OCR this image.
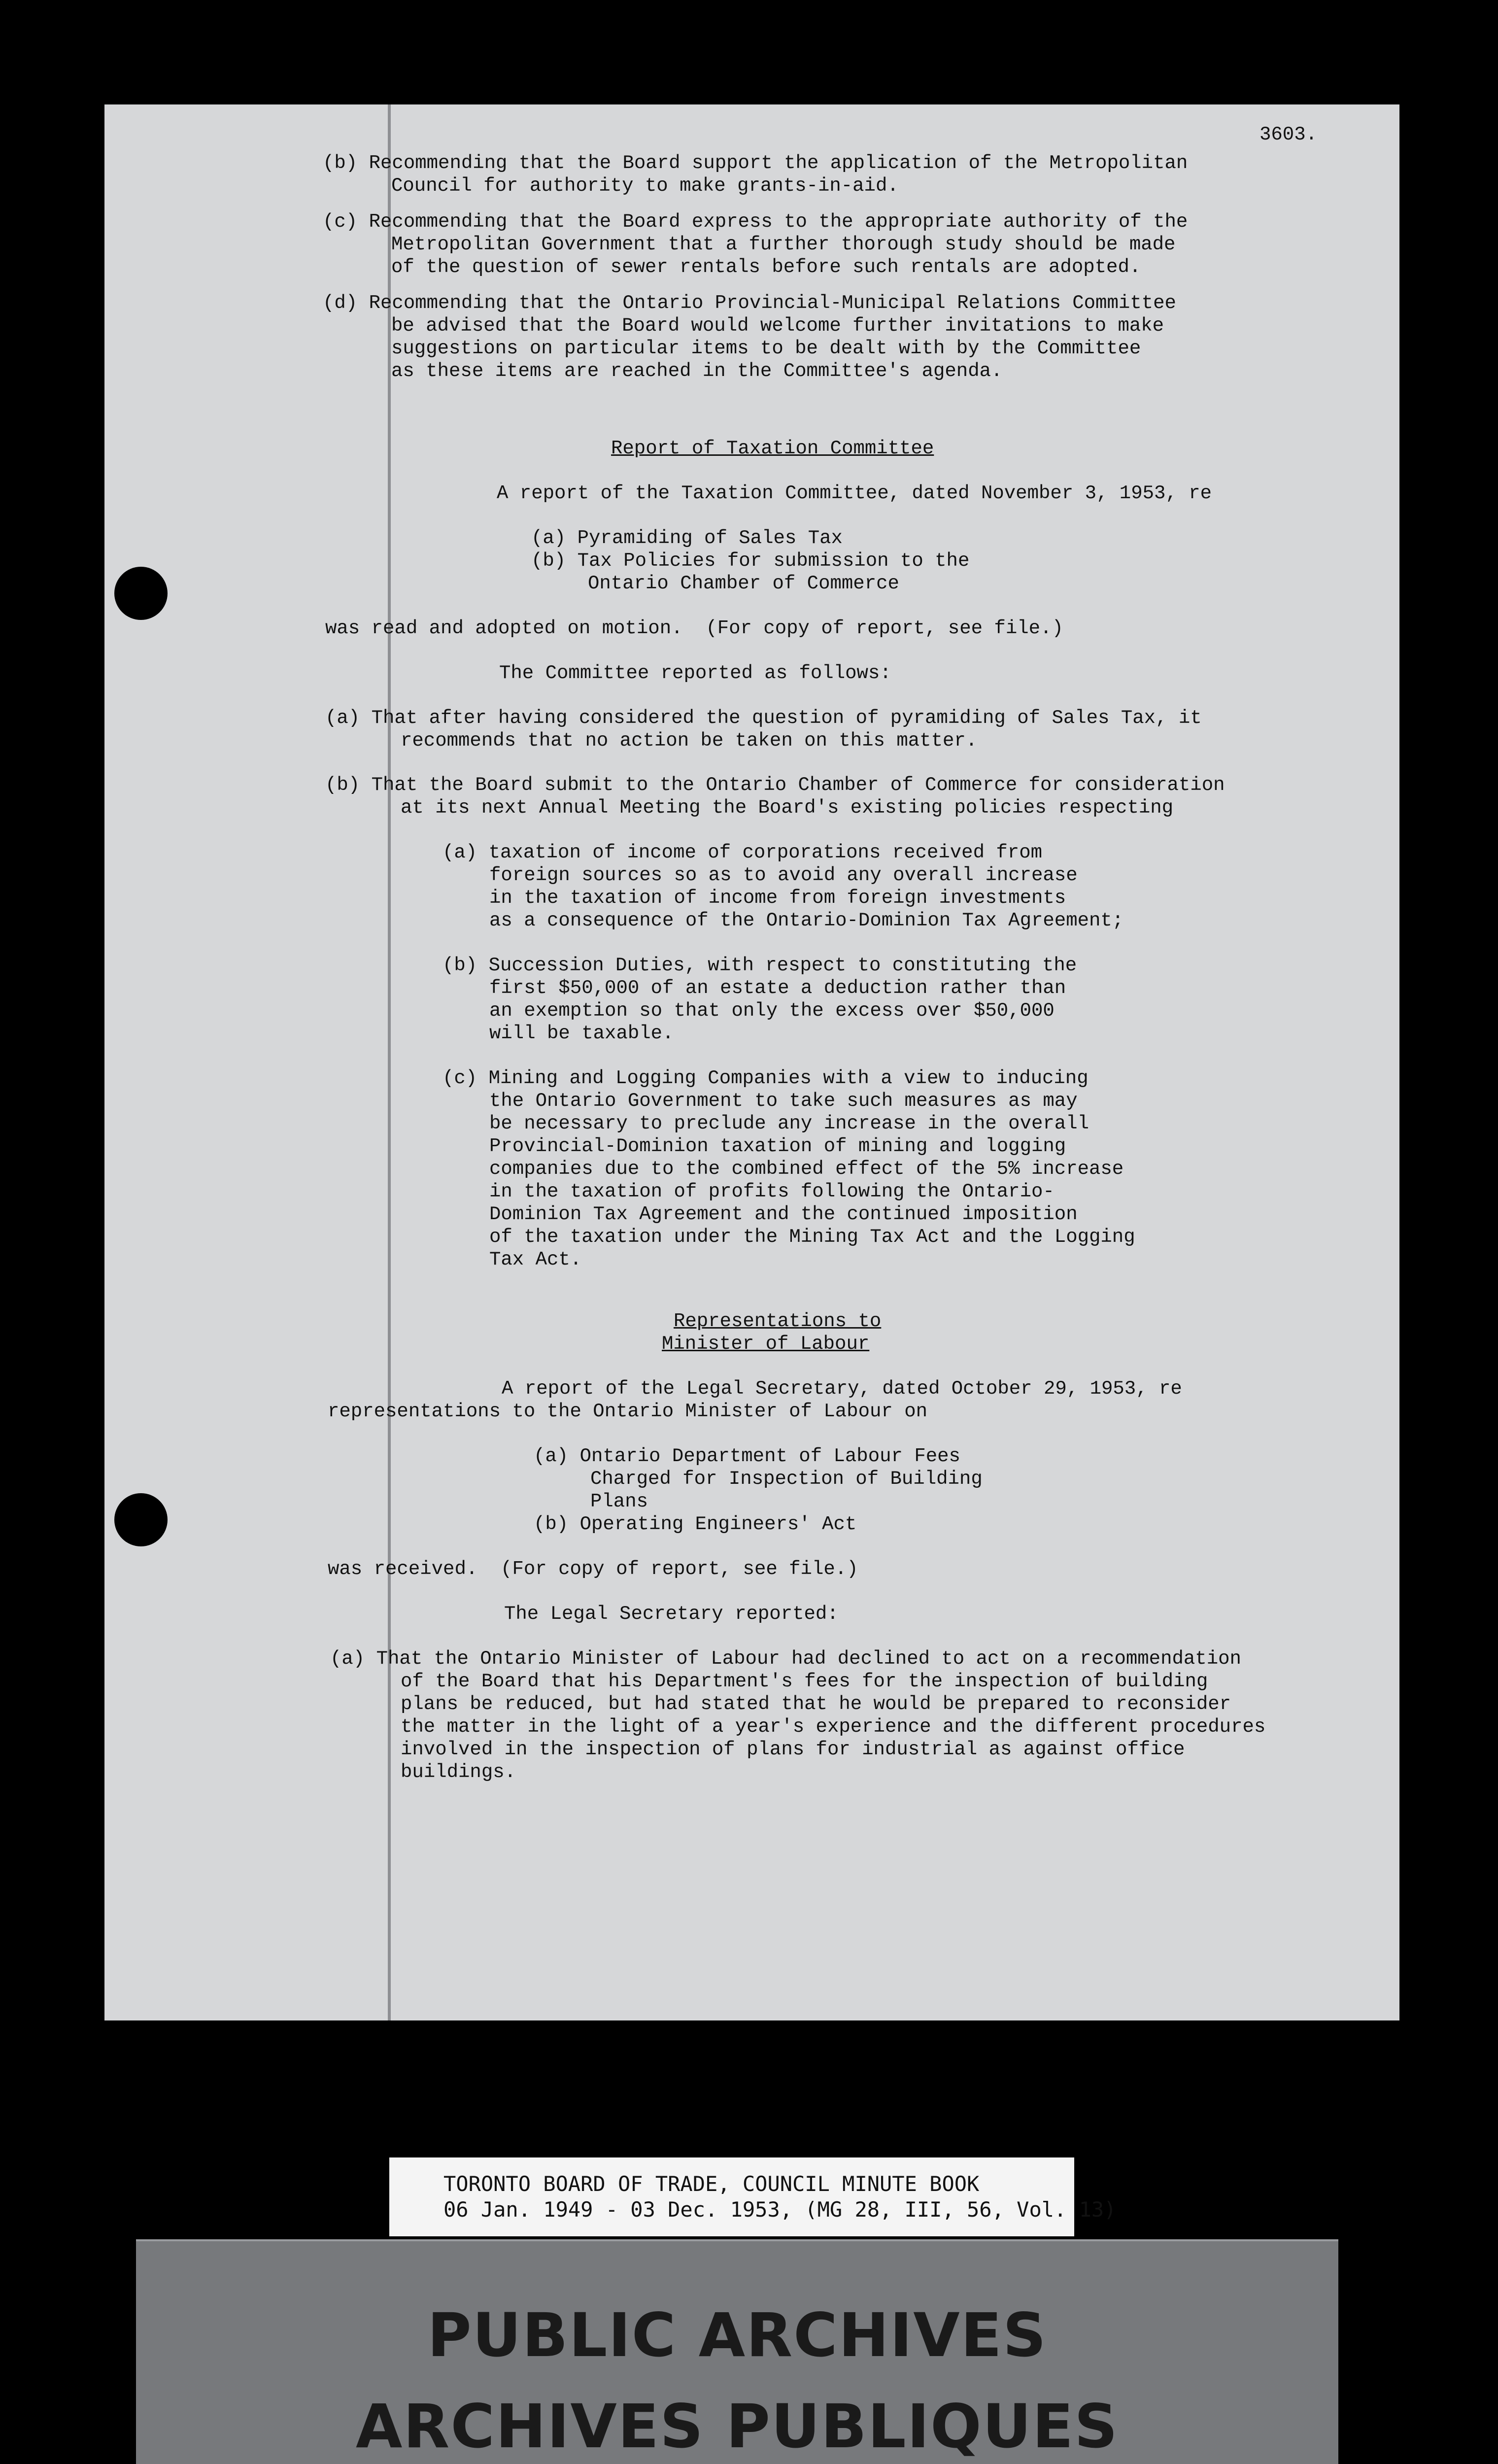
3603.
(b) Recommending that the Board support the application of the Metropolitan
Council for authority to make grants-in-aid.
(c) Recommending that the Board express to the appropriate authority of the
Metropolitan Government that a further thorough study should be made
of the question of sewer rentals before such rentals are adopted.
(d) Recommending that the Ontario Provincial-Municipal Relations Committee
be advised that the Board would welcome further invitations to make
suggestions on particular items to be dealt with by the Committee
as these items are reached in the Committee's agenda.
Report of Taxation Committee
A report of the Taxation Committee, dated November 3, 1953, re
(a) Pyramiding of Sales Tax
(b) Tax Policies for submission to the
Ontario Chamber of Commerce
was read and adopted on motion.  (For copy of report, see file.)
The Committee reported as follows:
(a) That after having considered the question of pyramiding of Sales Tax, it
recommends that no action be taken on this matter.
(b) That the Board submit to the Ontario Chamber of Commerce for consideration
at its next Annual Meeting the Board's existing policies respecting
(a) taxation of income of corporations received from
foreign sources so as to avoid any overall increase
in the taxation of income from foreign investments
as a consequence of the Ontario-Dominion Tax Agreement;
(b) Succession Duties, with respect to constituting the
first $50,000 of an estate a deduction rather than
an exemption so that only the excess over $50,000
will be taxable.
(c) Mining and Logging Companies with a view to inducing
the Ontario Government to take such measures as may
be necessary to preclude any increase in the overall
Provincial-Dominion taxation of mining and logging
companies due to the combined effect of the 5% increase
in the taxation of profits following the Ontario-
Dominion Tax Agreement and the continued imposition
of the taxation under the Mining Tax Act and the Logging
Tax Act.
Representations to
Minister of Labour
A report of the Legal Secretary, dated October 29, 1953, re
representations to the Ontario Minister of Labour on
(a) Ontario Department of Labour Fees
Charged for Inspection of Building
Plans
(b) Operating Engineers' Act
was received.  (For copy of report, see file.)
The Legal Secretary reported:
(a) That the Ontario Minister of Labour had declined to act on a recommendation
of the Board that his Department's fees for the inspection of building
plans be reduced, but had stated that he would be prepared to reconsider
the matter in the light of a year's experience and the different procedures
involved in the inspection of plans for industrial as against office
buildings.
TORONTO BOARD OF TRADE, COUNCIL MINUTE BOOK
06 Jan. 1949 - 03 Dec. 1953, (MG 28, III, 56, Vol. 13)
PUBLIC ARCHIVES
ARCHIVES PUBLIQUES
